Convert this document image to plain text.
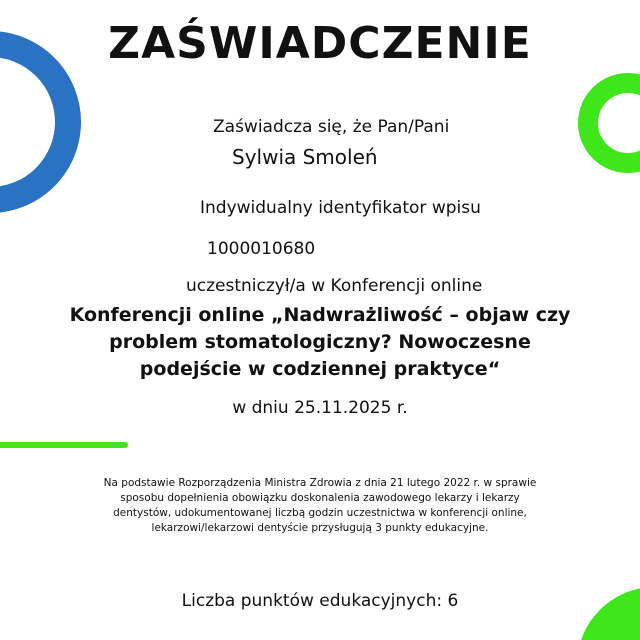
ZAŚWIADCZENIE
Zaświadcza się, że Pan/Pani
Sylwia Smoleń
Indywidualny identyfikator wpisu
1000010680
uczestniczył/a w Konferencji online
Konferencji online „Nadwrażliwość – objaw czy problem stomatologiczny? Nowoczesne podejście w codziennej praktyce“
w dniu 25.11.2025 r.
Na podstawie Rozporządzenia Ministra Zdrowia z dnia 21 lutego 2022 r. w sprawie sposobu dopełnienia obowiązku doskonalenia zawodowego lekarzy i lekarzy dentystów, udokumentowanej liczbą godzin uczestnictwa w konferencji online, lekarzowi/lekarzowi dentyście przysługują 3 punkty edukacyjne.
Liczba punktów edukacyjnych: 6
